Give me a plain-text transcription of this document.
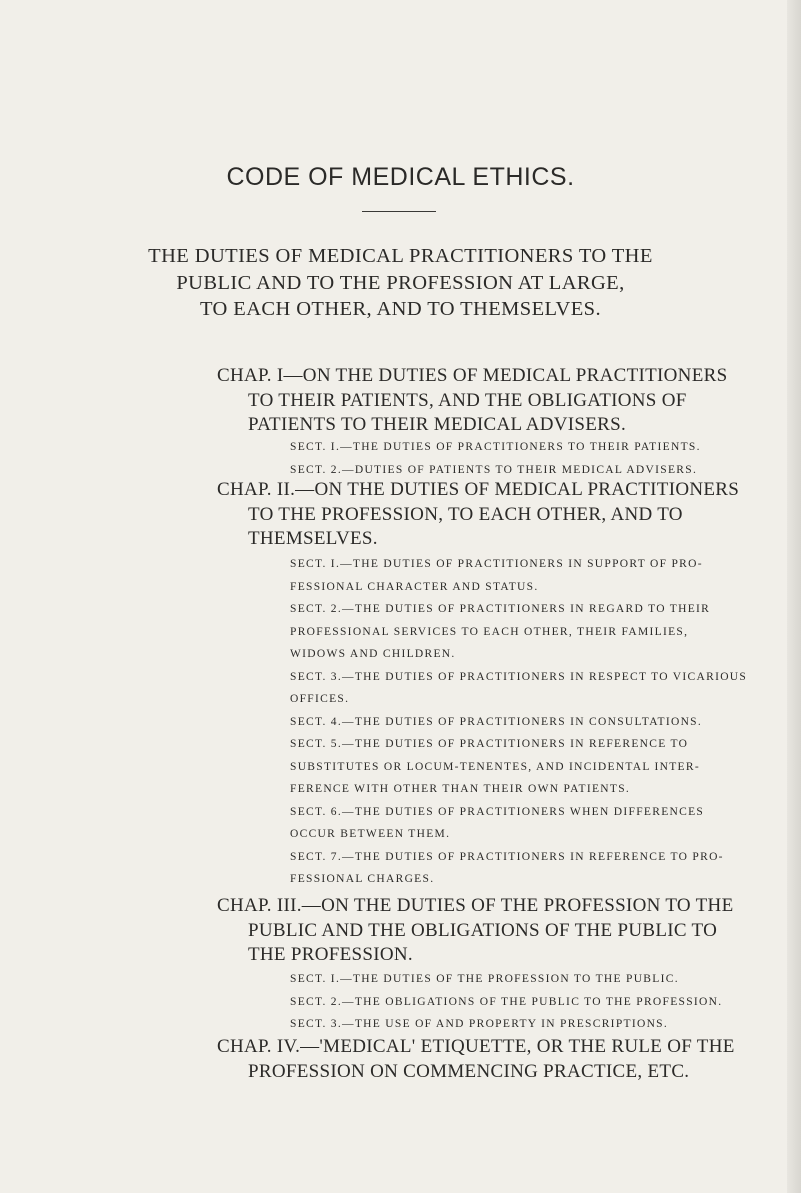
CODE OF MEDICAL ETHICS.
THE DUTIES OF MEDICAL PRACTITIONERS TO THE
PUBLIC AND TO THE PROFESSION AT LARGE,
TO EACH OTHER, AND TO THEMSELVES.
CHAP. I—ON THE DUTIES OF MEDICAL PRACTITIONERS
TO THEIR PATIENTS, AND THE OBLIGATIONS OF
PATIENTS TO THEIR MEDICAL ADVISERS.
SECT. I.—THE DUTIES OF PRACTITIONERS TO THEIR PATIENTS.
SECT. 2.—DUTIES OF PATIENTS TO THEIR MEDICAL ADVISERS.
CHAP. II.—ON THE DUTIES OF MEDICAL PRACTITIONERS
TO THE PROFESSION, TO EACH OTHER, AND TO
THEMSELVES.
SECT. I.—THE DUTIES OF PRACTITIONERS IN SUPPORT OF PRO-
FESSIONAL CHARACTER AND STATUS.
SECT. 2.—THE DUTIES OF PRACTITIONERS IN REGARD TO THEIR
PROFESSIONAL SERVICES TO EACH OTHER, THEIR FAMILIES,
WIDOWS AND CHILDREN.
SECT. 3.—THE DUTIES OF PRACTITIONERS IN RESPECT TO VICARIOUS
OFFICES.
SECT. 4.—THE DUTIES OF PRACTITIONERS IN CONSULTATIONS.
SECT. 5.—THE DUTIES OF PRACTITIONERS IN REFERENCE TO
SUBSTITUTES OR LOCUM-TENENTES, AND INCIDENTAL INTER-
FERENCE WITH OTHER THAN THEIR OWN PATIENTS.
SECT. 6.—THE DUTIES OF PRACTITIONERS WHEN DIFFERENCES
OCCUR BETWEEN THEM.
SECT. 7.—THE DUTIES OF PRACTITIONERS IN REFERENCE TO PRO-
FESSIONAL CHARGES.
CHAP. III.—ON THE DUTIES OF THE PROFESSION TO THE
PUBLIC AND THE OBLIGATIONS OF THE PUBLIC TO
THE PROFESSION.
SECT. I.—THE DUTIES OF THE PROFESSION TO THE PUBLIC.
SECT. 2.—THE OBLIGATIONS OF THE PUBLIC TO THE PROFESSION.
SECT. 3.—THE USE OF AND PROPERTY IN PRESCRIPTIONS.
CHAP. IV.—'MEDICAL' ETIQUETTE, OR THE RULE OF THE
PROFESSION ON COMMENCING PRACTICE, ETC.
